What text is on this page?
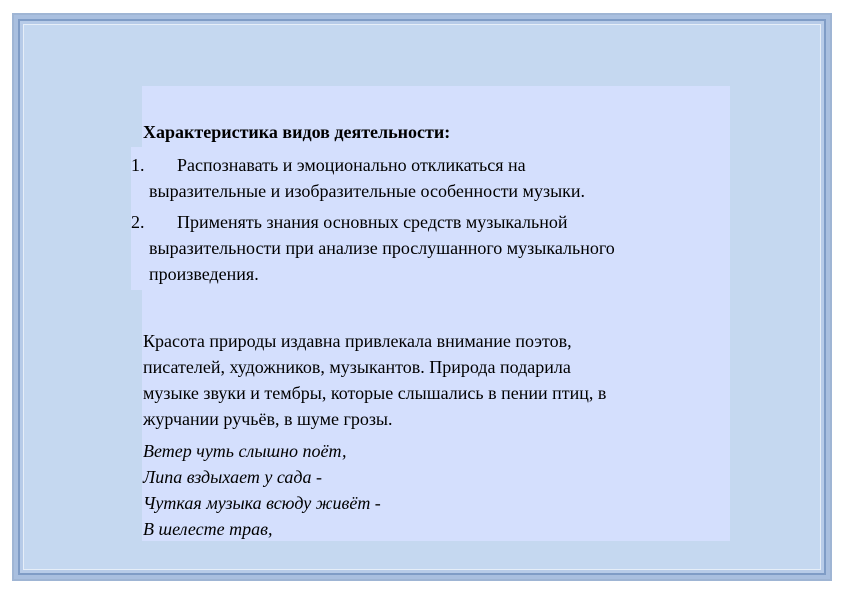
Характеристика видов деятельности:
1.	Распознавать и эмоционально откликаться на
выразительные и изобразительные особенности музыки.
2.	Применять знания основных средств музыкальной
выразительности при анализе прослушанного музыкального
произведения.
Красота природы издавна привлекала внимание поэтов,
писателей, художников, музыкантов. Природа подарила
музыке звуки и тембры, которые слышались в пении птиц, в
журчании ручьёв, в шуме грозы.
Ветер чуть слышно поёт,
Липа вздыхает у сада -
Чуткая музыка всюду живёт -
В шелесте трав,
